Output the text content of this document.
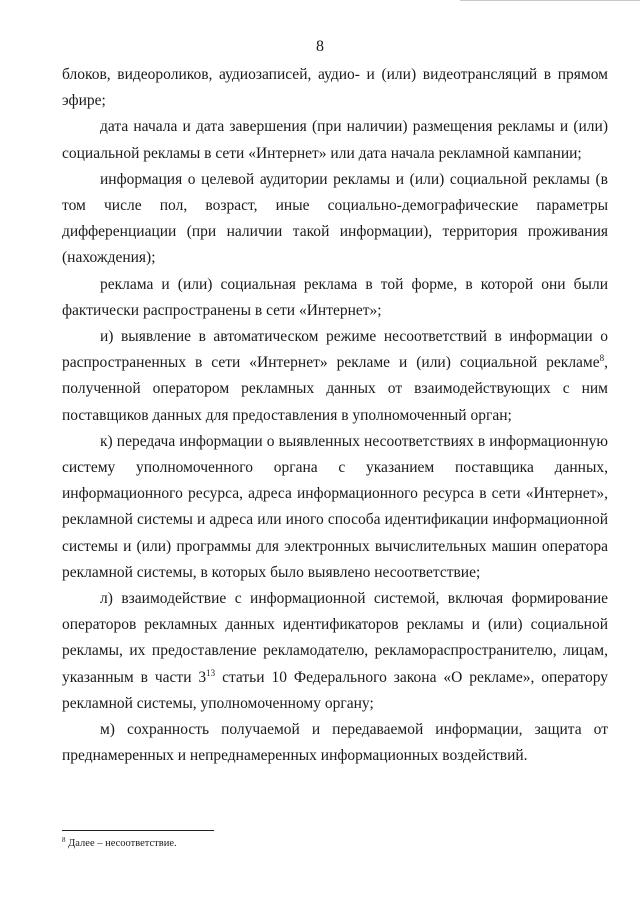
8

блоков, видеороликов, аудиозаписей, аудио- и (или) видеотрансляций в прямом эфире;

дата начала и дата завершения (при наличии) размещения рекламы и (или) социальной рекламы в сети «Интернет» или дата начала рекламной кампании;

информация о целевой аудитории рекламы и (или) социальной рекламы (в том числе пол, возраст, иные социально-демографические параметры дифференциации (при наличии такой информации), территория проживания (нахождения);

реклама и (или) социальная реклама в той форме, в которой они были фактически распространены в сети «Интернет»;

и) выявление в автоматическом режиме несоответствий в информации о распространенных в сети «Интернет» рекламе и (или) социальной рекламе$^8$, полученной оператором рекламных данных от взаимодействующих с ним поставщиков данных для предоставления в уполномоченный орган;

к) передача информации о выявленных несоответствиях в информационную систему уполномоченного органа с указанием поставщика данных, информационного ресурса, адреса информационного ресурса в сети «Интернет», рекламной системы и адреса или иного способа идентификации информационной системы и (или) программы для электронных вычислительных машин оператора рекламной системы, в которых было выявлено несоответствие;

л) взаимодействие с информационной системой, включая формирование операторов рекламных данных идентификаторов рекламы и (или) социальной рекламы, их предоставление рекламодателю, рекламораспространителю, лицам, указанным в части $3^{13}$ статьи 10 Федерального закона «О рекламе», оператору рекламной системы, уполномоченному органу;

м) сохранность получаемой и передаваемой информации, защита от преднамеренных и непреднамеренных информационных воздействий.

$^8$ Далее – несоответствие.
